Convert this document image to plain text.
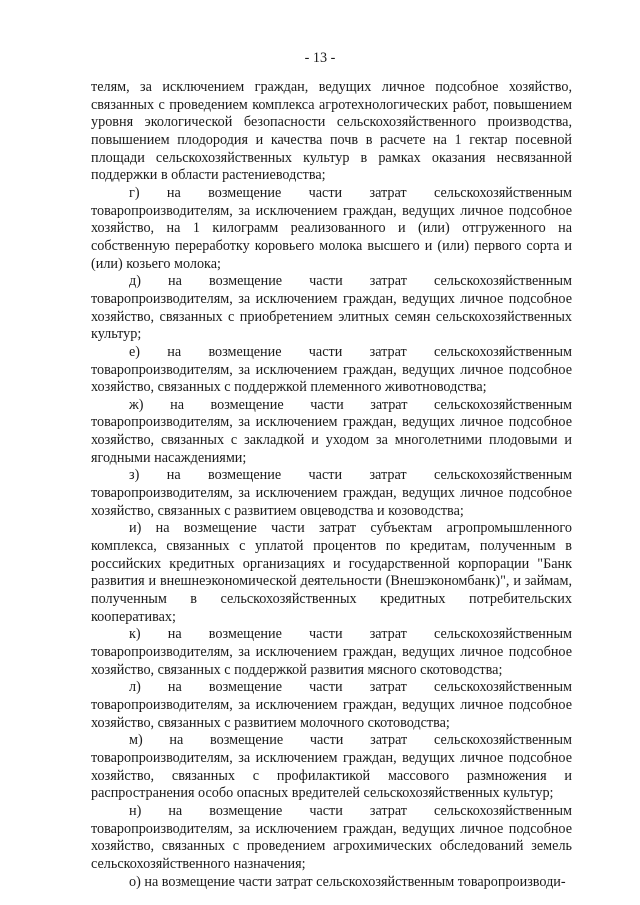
- 13 -

телям, за исключением граждан, ведущих личное подсобное хозяйство, связанных с проведением комплекса агротехнологических работ, повышением уровня экологической безопасности сельскохозяйственного производства, повышением плодородия и качества почв в расчете на 1 гектар посевной площади сельскохозяйственных культур в рамках оказания несвязанной поддержки в области растениеводства;

г) на возмещение части затрат сельскохозяйственным товаропроизводителям, за исключением граждан, ведущих личное подсобное хозяйство, на 1 килограмм реализованного и (или) отгруженного на собственную переработку коровьего молока высшего и (или) первого сорта и (или) козьего молока;

д) на возмещение части затрат сельскохозяйственным товаропроизводителям, за исключением граждан, ведущих личное подсобное хозяйство, связанных с приобретением элитных семян сельскохозяйственных культур;

е) на возмещение части затрат сельскохозяйственным товаропроизводителям, за исключением граждан, ведущих личное подсобное хозяйство, связанных с поддержкой племенного животноводства;

ж) на возмещение части затрат сельскохозяйственным товаропроизводителям, за исключением граждан, ведущих личное подсобное хозяйство, связанных с закладкой и уходом за многолетними плодовыми и ягодными насаждениями;

з) на возмещение части затрат сельскохозяйственным товаропроизводителям, за исключением граждан, ведущих личное подсобное хозяйство, связанных с развитием овцеводства и козоводства;

и) на возмещение части затрат субъектам агропромышленного комплекса, связанных с уплатой процентов по кредитам, полученным в российских кредитных организациях и государственной корпорации "Банк развития и внешнеэкономической деятельности (Внешэкономбанк)", и займам, полученным в сельскохозяйственных кредитных потребительских кооперативах;

к) на возмещение части затрат сельскохозяйственным товаропроизводителям, за исключением граждан, ведущих личное подсобное хозяйство, связанных с поддержкой развития мясного скотоводства;

л) на возмещение части затрат сельскохозяйственным товаропроизводителям, за исключением граждан, ведущих личное подсобное хозяйство, связанных с развитием молочного скотоводства;

м) на возмещение части затрат сельскохозяйственным товаропроизводителям, за исключением граждан, ведущих личное подсобное хозяйство, связанных с профилактикой массового размножения и распространения особо опасных вредителей сельскохозяйственных культур;

н) на возмещение части затрат сельскохозяйственным товаропроизводителям, за исключением граждан, ведущих личное подсобное хозяйство, связанных с проведением агрохимических обследований земель сельскохозяйственного назначения;

о) на возмещение части затрат сельскохозяйственным товаропроизводи-
